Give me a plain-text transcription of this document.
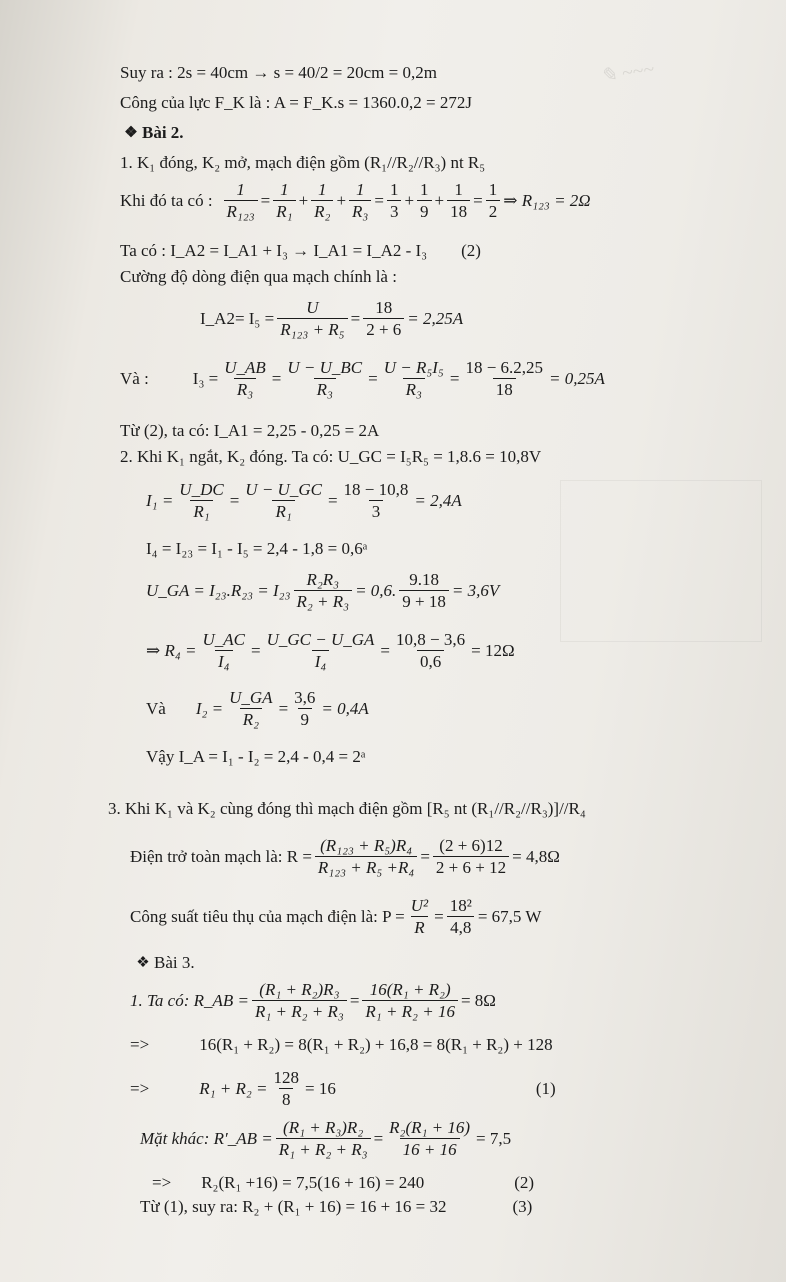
✎ ~~~
Suy ra : 2s = 40cm → s = 40/2 = 20cm = 0,2m
Công của lực F_K là : A = F_K.s = 1360.0,2 = 272J
❖ Bài 2.
1. K₁ đóng, K₂ mở, mạch điện gồm (R₁//R₂//R₃) nt R₅
Khi đó ta có : $\frac{1}{\text{R₁₂₃}} = \frac{1}{\text{R₁}} + \frac{1}{\text{R₂}} + \frac{1}{\text{R₃}} = \frac{1}{3} + \frac{1}{9} + \frac{1}{18} = \frac{1}{2}$ ⇒ R₁₂₃ = 2Ω
Ta có : I_A2 = I_A1 + I₃ → I_A1 = I_A2 - I₃ (2)
Cường độ dòng điện qua mạch chính là :
I_A2= $I_5 = \frac{U}{\text{R₁₂₃ + R₅}} = \frac{18}{2 + 6} = 2,25A$
Và :	$I_3 = \frac{U\_AB}{\text{R₃}} = \frac{U - U\_BC}{\text{R₃}} = \frac{\text{U − R₅I₅}}{\text{R₃}} = \frac{18 - 6.2,25}{18} = 0,25A$
Từ (2), ta có: I_A1 = 2,25 - 0,25 = 2A
2. Khi K₁ ngắt, K₂ đóng. Ta có: U_GC = I₅R₅ = 1,8.6 = 10,8V
$I_1 = \frac{U\_DC}{\text{R₁}} = \frac{U - U\_GC}{\text{R₁}} = \frac{18 - 10,8}{3} = 2,4A$
I₄ = I₂₃ = I₁ - I₅ = 2,4 - 1,8 = 0,6ᵃ
U_GA = $I_{23}.R_{23} = I_{23} \frac{\text{R₂R₃}}{\text{R₂ + R₃}} = 0,6$. $\frac{9.18}{9 + 18} = 3,6V$
⇒ $R_4 = \frac{U\_AC}{\text{I₄}} = \frac{U\_GC - U\_GA}{\text{I₄}} = \frac{10,8 - 3,6}{0,6} = 12\Omega$
Và $I_2 = \frac{U\_GA}{\text{R₂}} = \frac{3,6}{9} = 0,4A$
Vậy I_A = I₁ - I₂ = 2,4 - 0,4 = 2ᵃ
3. Khi K₁ và K₂ cùng đóng thì mạch điện gồm [R₅ nt (R₁//R₂//R₃)]//R₄
Điện trở toàn mạch là: $R = \frac{\text{(R₁₂₃ + R₅)R₄}}{\text{R₁₂₃ + R₅ +R₄}} = \frac{(2 + 6)12}{2 + 6 + 12} = 4,8\Omega$
Công suất tiêu thụ của mạch điện là: $P = \frac{\text{U²}}{R} = \frac{\text{18²}}{4,8} = 67,5$ W
❖ Bài 3.
1. Ta có: R_AB = $\frac{\text{(R₁ + R₂)R₃}}{\text{R₁ + R₂ + R₃}} = \frac{\text{16(R₁ + R₂)}}{\text{R₁ + R₂ + 16}} = 8\Omega$
=>	16(R₁ + R₂) = 8(R₁ + R₂) + 16,8 = 8(R₁ + R₂) + 128
=>	$R_1 + R_2 = \frac{128}{8} = 16$	(1)
Mặt khác: R′_AB = $\frac{\text{(R₁ + R₃)R₂}}{\text{R₁ + R₂ + R₃}} = \frac{\text{R₂(R₁ + 16)}}{16 + 16} = 7,5$
=> R₂(R₁ +16) = 7,5(16 + 16) = 240	(2)
Từ (1), suy ra: R₂ + (R₁ + 16) = 16 + 16 = 32	(3)
